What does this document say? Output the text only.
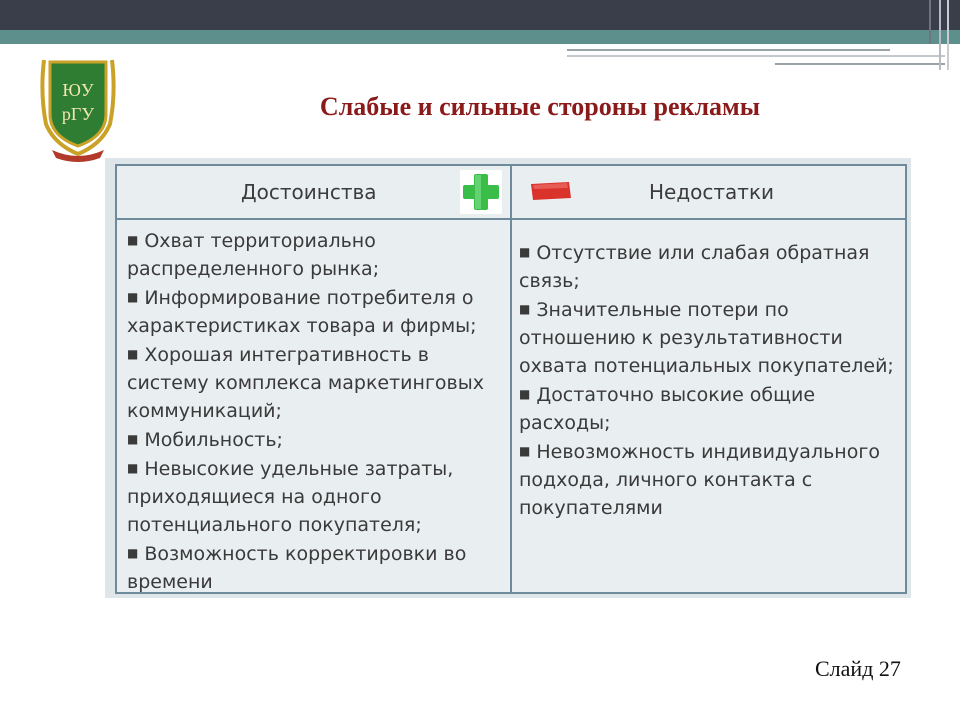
ЮУ
рГУ	Слабые и сильные стороны рекламы
Достоинства	Недостатки
■ Охват территориально распределенного рынка;
■ Информирование потребителя о характеристиках товара и фирмы;
■ Хорошая интегративность в систему комплекса маркетинговых коммуникаций;
■ Мобильность;
■ Невысокие удельные затраты, приходящиеся на одного потенциального покупателя;
■ Возможность корректировки во времени
■ Отсутствие или слабая обратная связь;
■ Значительные потери по отношению к результативности охвата потенциальных покупателей;
■ Достаточно высокие общие расходы;
■ Невозможность индивидуального подхода, личного контакта с покупателями
Слайд 27
